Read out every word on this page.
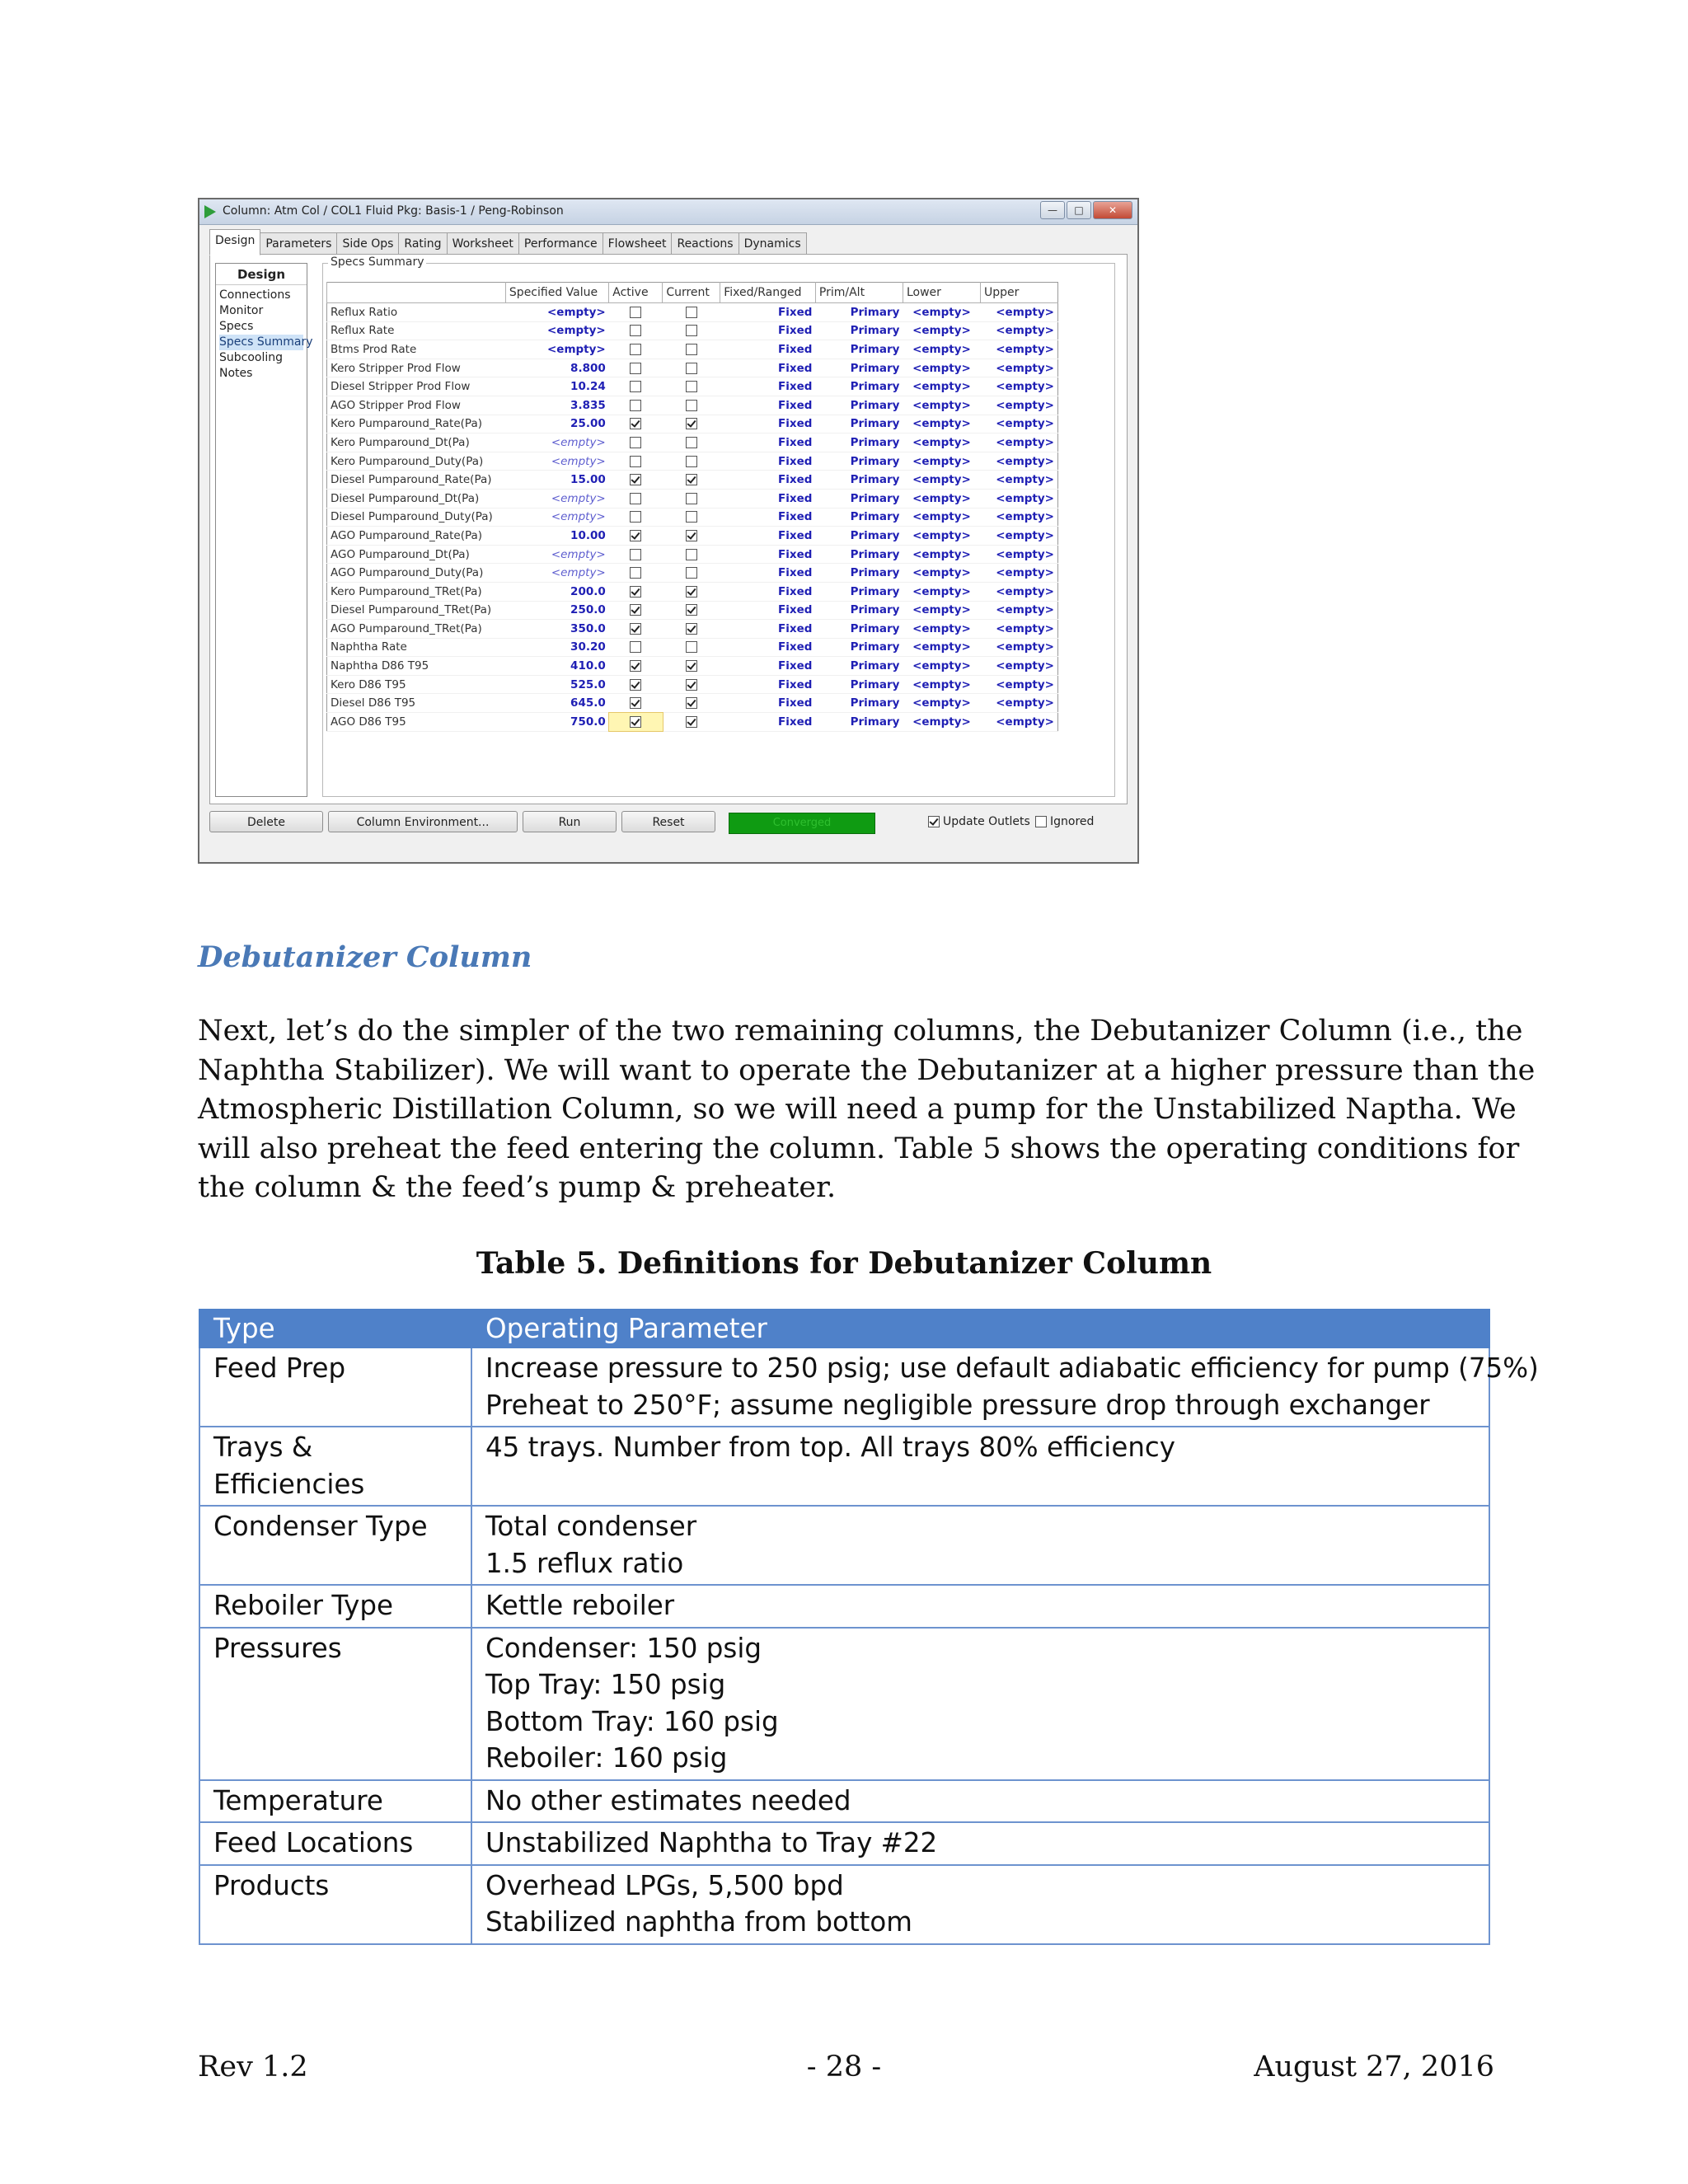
Column: Atm Col / COL1 Fluid Pkg: Basis-1 / Peng-Robinson	—	□	✕
Design Parameters Side Ops Rating Worksheet Performance Flowsheet Reactions Dynamics
Design
Connections
Monitor
Specs
Specs Summary
Subcooling
Notes
Specs Summary
	Specified Value	Active	Current	Fixed/Ranged	Prim/Alt	Lower	Upper
Reflux Ratio	<empty>			Fixed	Primary	<empty>	<empty>
Reflux Rate	<empty>			Fixed	Primary	<empty>	<empty>
Btms Prod Rate	<empty>			Fixed	Primary	<empty>	<empty>
Kero Stripper Prod Flow	8.800			Fixed	Primary	<empty>	<empty>
Diesel Stripper Prod Flow	10.24			Fixed	Primary	<empty>	<empty>
AGO Stripper Prod Flow	3.835			Fixed	Primary	<empty>	<empty>
Kero Pumparound_Rate(Pa)	25.00			Fixed	Primary	<empty>	<empty>
Kero Pumparound_Dt(Pa)	<empty>			Fixed	Primary	<empty>	<empty>
Kero Pumparound_Duty(Pa)	<empty>			Fixed	Primary	<empty>	<empty>
Diesel Pumparound_Rate(Pa)	15.00			Fixed	Primary	<empty>	<empty>
Diesel Pumparound_Dt(Pa)	<empty>			Fixed	Primary	<empty>	<empty>
Diesel Pumparound_Duty(Pa)	<empty>			Fixed	Primary	<empty>	<empty>
AGO Pumparound_Rate(Pa)	10.00			Fixed	Primary	<empty>	<empty>
AGO Pumparound_Dt(Pa)	<empty>			Fixed	Primary	<empty>	<empty>
AGO Pumparound_Duty(Pa)	<empty>			Fixed	Primary	<empty>	<empty>
Kero Pumparound_TRet(Pa)	200.0			Fixed	Primary	<empty>	<empty>
Diesel Pumparound_TRet(Pa)	250.0			Fixed	Primary	<empty>	<empty>
AGO Pumparound_TRet(Pa)	350.0			Fixed	Primary	<empty>	<empty>
Naphtha Rate	30.20			Fixed	Primary	<empty>	<empty>
Naphtha D86 T95	410.0			Fixed	Primary	<empty>	<empty>
Kero D86 T95	525.0			Fixed	Primary	<empty>	<empty>
Diesel D86 T95	645.0			Fixed	Primary	<empty>	<empty>
AGO D86 T95	750.0			Fixed	Primary	<empty>	<empty>
Delete	Column Environment...	Run	Reset	Converged	Update Outlets	Ignored
Debutanizer Column
Next, let’s do the simpler of the two remaining columns, the Debutanizer Column (i.e., the
Naphtha Stabilizer). We will want to operate the Debutanizer at a higher pressure than the
Atmospheric Distillation Column, so we will need a pump for the Unstabilized Naptha. We
will also preheat the feed entering the column. Table 5 shows the operating conditions for
the column & the feed’s pump & preheater.
Table 5. Definitions for Debutanizer Column
Type	Operating Parameter
Feed Prep	Increase pressure to 250 psig; use default adiabatic efficiency for pump (75%)
Preheat to 250°F; assume negligible pressure drop through exchanger

Trays & Efficiencies	45 trays. Number from top. All trays 80% efficiency

Condenser Type	Total condenser
1.5 reflux ratio

Reboiler Type	Kettle reboiler

Pressures	Condenser: 150 psig
Top Tray: 150 psig
Bottom Tray: 160 psig
Reboiler: 160 psig

Temperature	No other estimates needed

Feed Locations	Unstabilized Naphtha to Tray #22

Products	Overhead LPGs, 5,500 bpd
Stabilized naphtha from bottom
Rev 1.2	- 28 -	August 27, 2016
